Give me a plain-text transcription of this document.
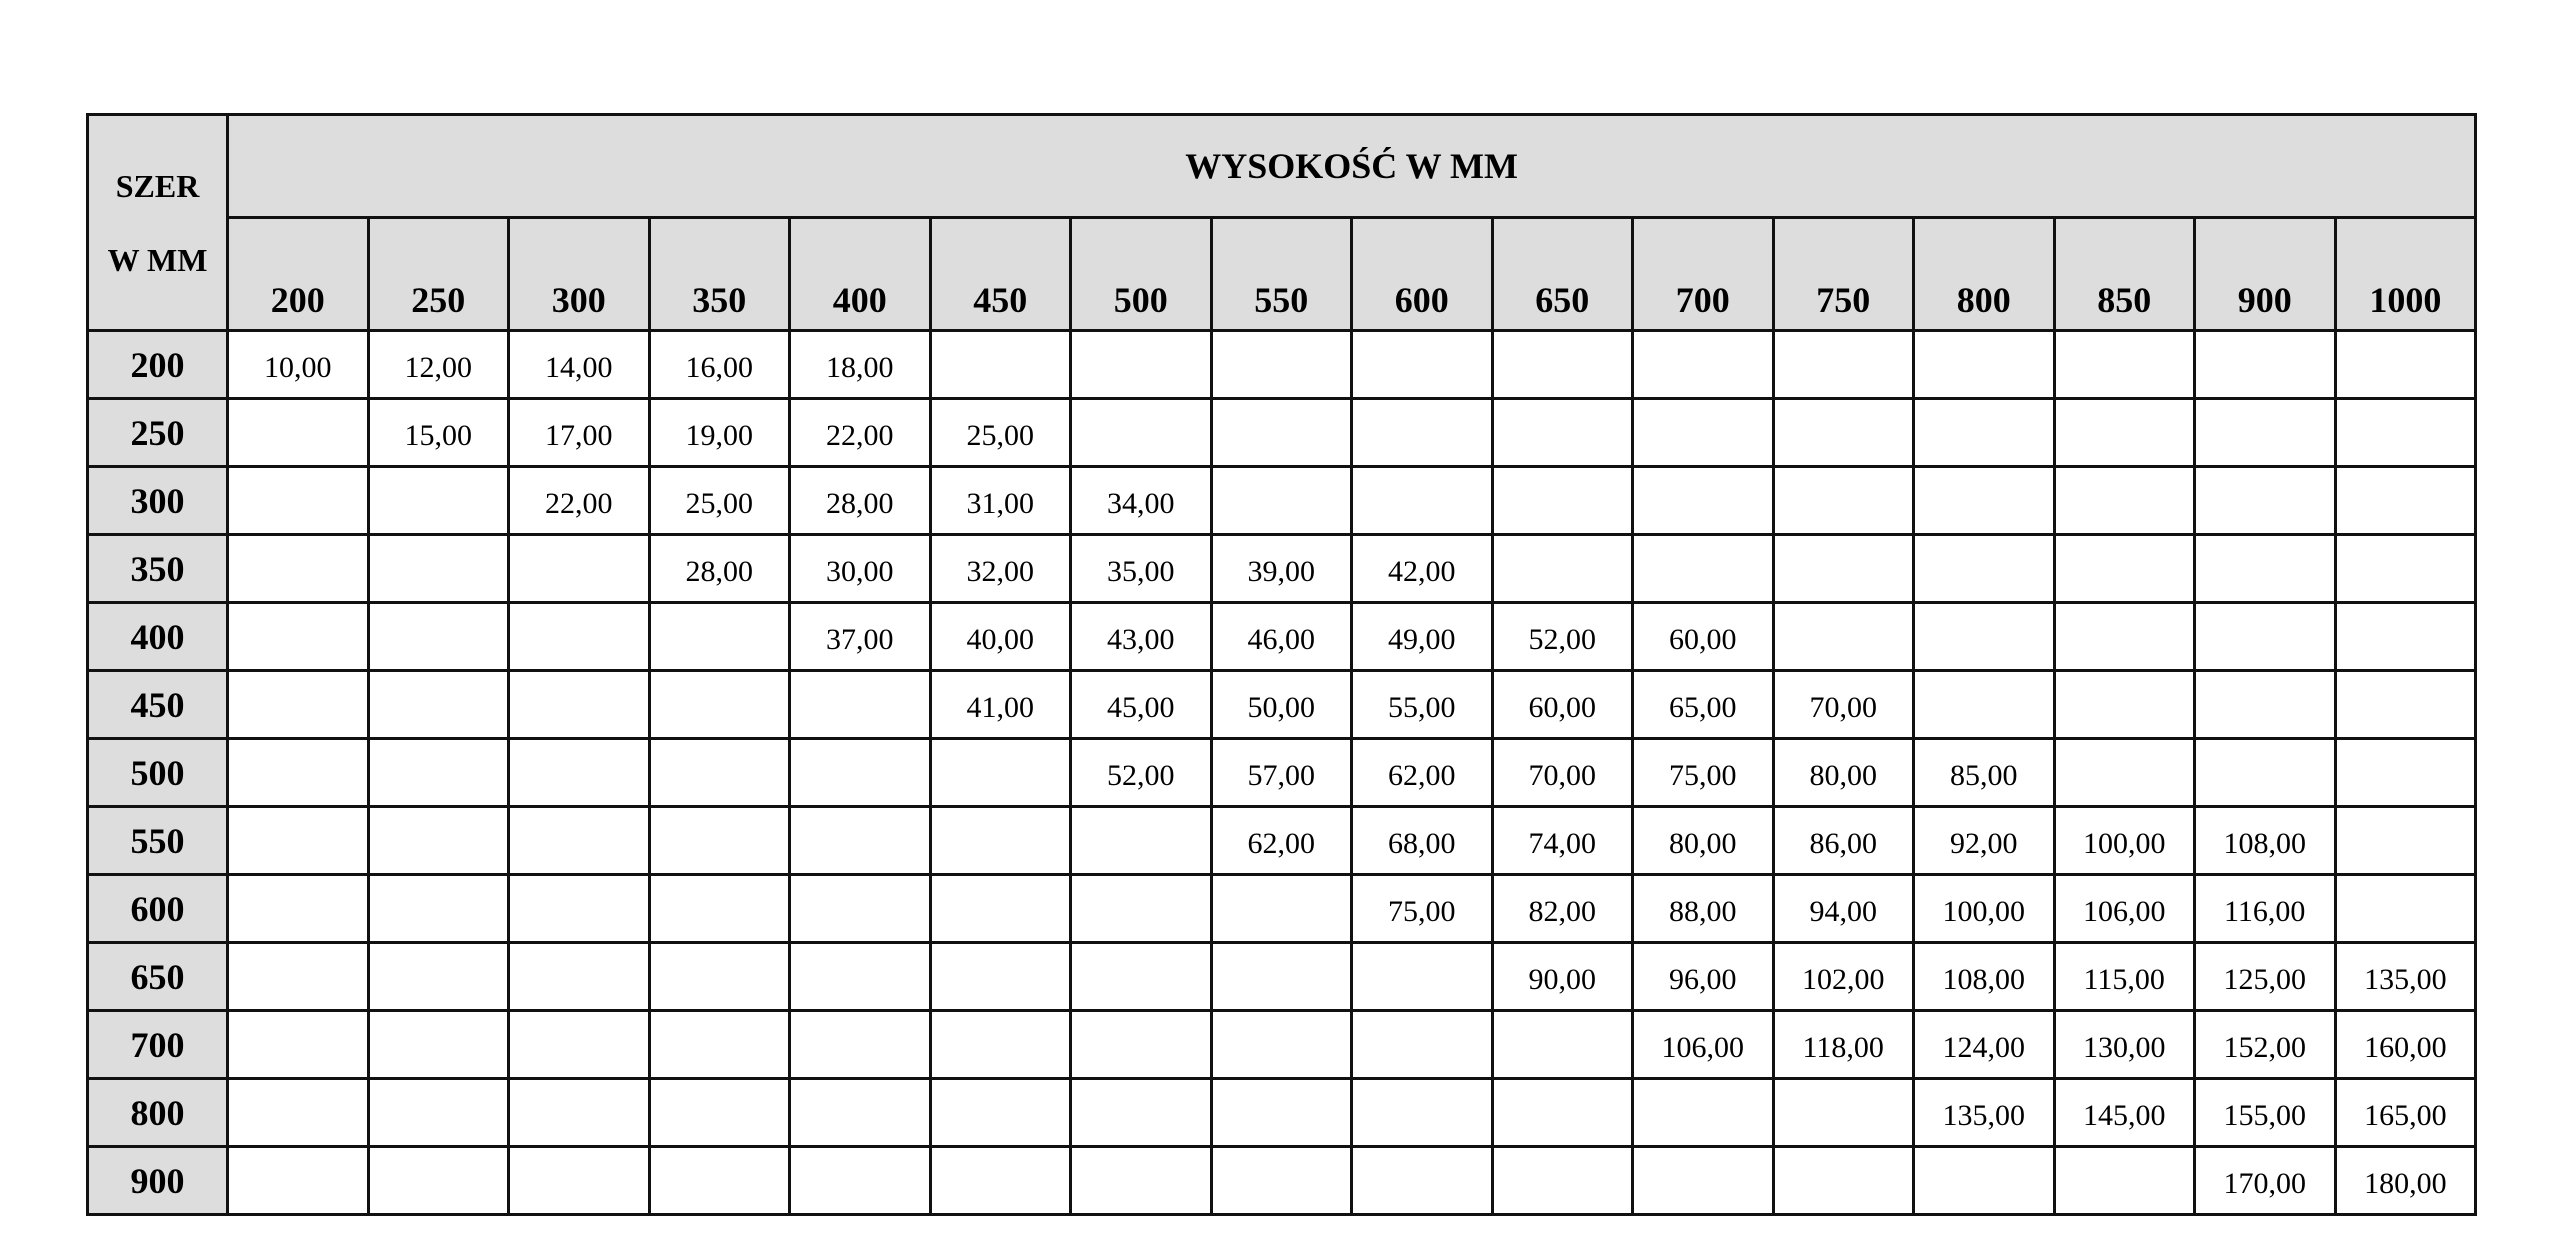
SZER
W MM	WYSOKOŚĆ W MM															
	200	250	300	350	400	450	500	550	600	650	700	750	800	850	900	1000
200	10,00	12,00	14,00	16,00	18,00											
250		15,00	17,00	19,00	22,00	25,00										
300			22,00	25,00	28,00	31,00	34,00									
350				28,00	30,00	32,00	35,00	39,00	42,00							
400					37,00	40,00	43,00	46,00	49,00	52,00	60,00					
450						41,00	45,00	50,00	55,00	60,00	65,00	70,00				
500							52,00	57,00	62,00	70,00	75,00	80,00	85,00			
550								62,00	68,00	74,00	80,00	86,00	92,00	100,00	108,00	
600									75,00	82,00	88,00	94,00	100,00	106,00	116,00	
650										90,00	96,00	102,00	108,00	115,00	125,00	135,00
700											106,00	118,00	124,00	130,00	152,00	160,00
800													135,00	145,00	155,00	165,00
900															170,00	180,00
